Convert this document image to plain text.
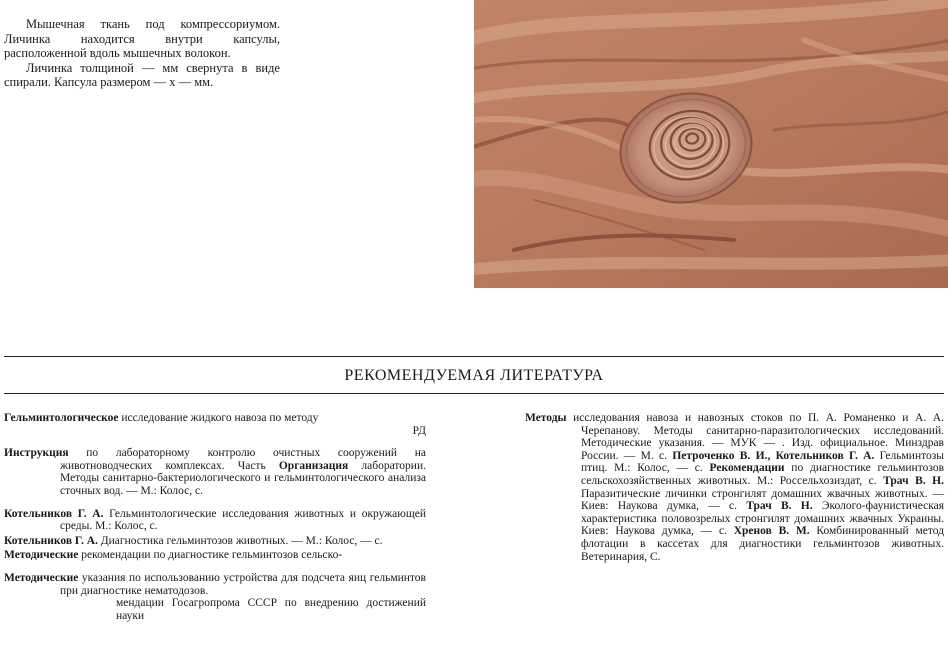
Мышечная ткань под компрессориумом. Личинка находится внутри капсулы, расположенной вдоль мышечных волокон.

Личинка толщиной — мм свернута в виде спирали. Капсула размером — х — мм.

РЕКОМЕНДУЕМАЯ ЛИТЕРАТУРА

Гельминтологическое исследование жидкого навоза по методу
РД

Инструкция по лабораторному контролю очистных сооружений на животноводческих комплексах. Часть Организация лаборатории. Методы санитарно-бактериологического и гельминтологического анализа сточных вод. — М.: Колос, с.

Котельников Г. А. Гельминтологические исследования животных и окружающей среды. М.: Колос, с.

Котельников Г. А. Диагностика гельминтозов животных. — М.: Колос, — с.

Методические рекомендации по диагностике гельминтозов сельско-

Методические указания по использованию устройства для подсчета яиц гельминтов при диагностике нематодозов.
мендации Госагропрома СССР по внедрению достижений науки

Методы исследования навоза и навозных стоков по П. А. Романенко и А. А. Черепанову. Методы санитарно-паразитологических исследований. Методические указания. — МУК — . Изд. официальное. Минздрав России. — М. с. Петроченко В. И., Котельников Г. А. Гельминтозы птиц. М.: Колос, — с. Рекомендации по диагностике гельминтозов сельскохозяйственных животных. М.: Россельхозиздат, с. Трач В. Н. Паразитические личинки стронгилят домашних жвачных животных. — Киев: Наукова думка, — с. Трач В. Н. Эколого-фаунистическая характеристика половозрелых стронгилят домашних жвачных Украины. Киев: Наукова думка, — с. Хренов В. М. Комбинированный метод флотации в кассетах для диагностики гельминтозов животных. Ветеринария, С.
